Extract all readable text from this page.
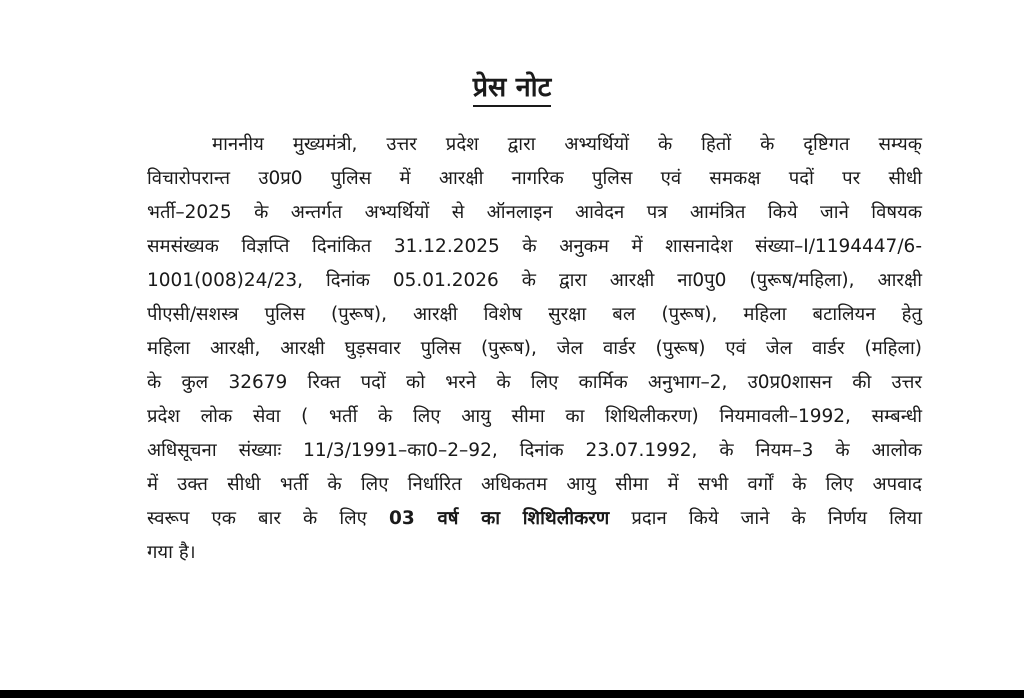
प्रेस नोट
माननीय मुख्यमंत्री, उत्तर प्रदेश द्वारा अभ्यर्थियों के हितों के दृष्टिगत सम्यक्
विचारोपरान्त उ0प्र0 पुलिस में आरक्षी नागरिक पुलिस एवं समकक्ष पदों पर सीधी
भर्ती–2025 के अन्तर्गत अभ्यर्थियों से ऑनलाइन आवेदन पत्र आमंत्रित किये जाने विषयक
समसंख्यक विज्ञप्ति दिनांकित 31.12.2025 के अनुकम में शासनादेश संख्या–I/1194447/6-
1001(008)24/23, दिनांक 05.01.2026 के द्वारा आरक्षी ना0पु0 (पुरूष/महिला), आरक्षी
पीएसी/सशस्त्र पुलिस (पुरूष), आरक्षी विशेष सुरक्षा बल (पुरूष), महिला बटालियन हेतु
महिला आरक्षी, आरक्षी घुड़सवार पुलिस (पुरूष), जेल वार्डर (पुरूष) एवं जेल वार्डर (महिला)
के कुल 32679 रिक्त पदों को भरने के लिए कार्मिक अनुभाग–2, उ0प्र0शासन की उत्तर
प्रदेश लोक सेवा ( भर्ती के लिए आयु सीमा का शिथिलीकरण) नियमावली–1992, सम्बन्धी
अधिसूचना संख्याः 11/3/1991–का0–2–92, दिनांक 23.07.1992, के नियम–3 के आलोक
में उक्त सीधी भर्ती के लिए निर्धारित अधिकतम आयु सीमा में सभी वर्गों के लिए अपवाद
स्वरूप एक बार के लिए 03 वर्ष का शिथिलीकरण प्रदान किये जाने के निर्णय लिया
गया है।
